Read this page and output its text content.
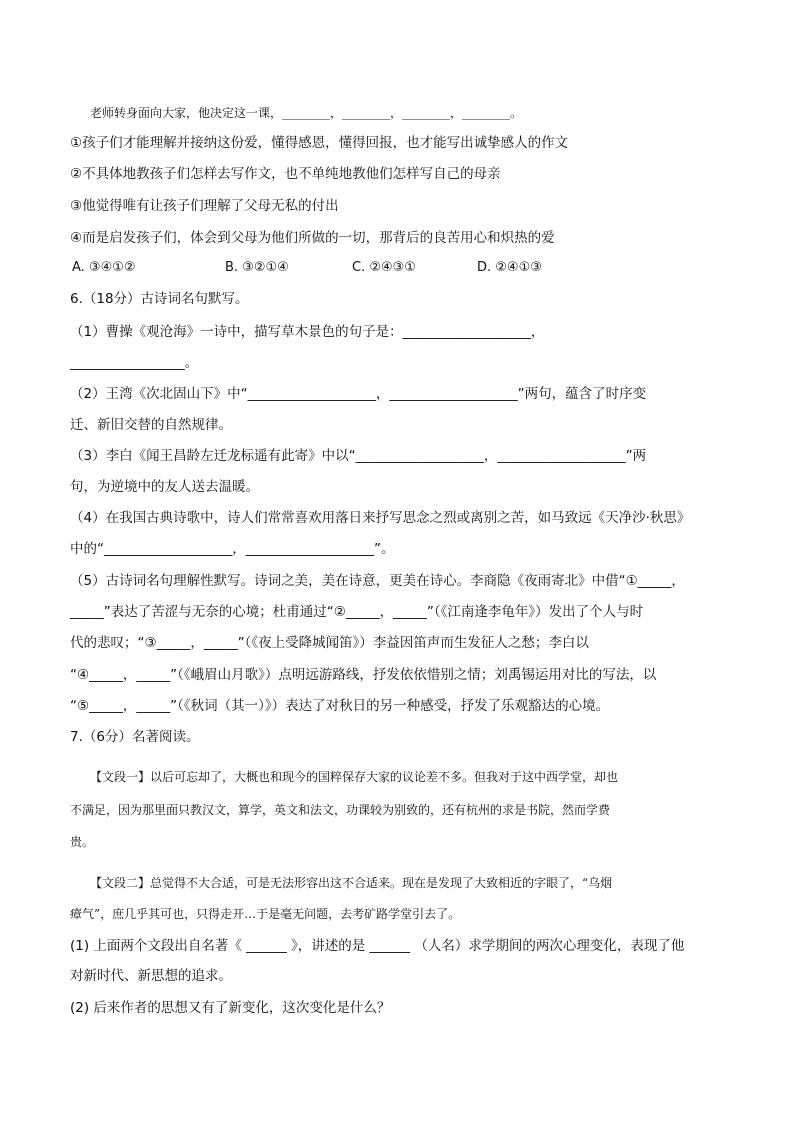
老师转身面向大家，他决定这一课，________，________，________，________。
①孩子们才能理解并接纳这份爱，懂得感恩，懂得回报，也才能写出诚挚感人的作文
②不具体地教孩子们怎样去写作文，也不单纯地教他们怎样写自己的母亲
③他觉得唯有让孩子们理解了父母无私的付出
④而是启发孩子们，体会到父母为他们所做的一切，那背后的良苦用心和炽热的爱
A. ③④①②	B. ③②①④	C. ②④③①	D. ②④①③
6.（18分）古诗词名句默写。
（1）曹操《观沧海》一诗中，描写草木景色的句子是：___________________，
_________________。
（2）王湾《次北固山下》中“___________________，___________________”两句，蕴含了时序变
迁、新旧交替的自然规律。
（3）李白《闻王昌龄左迁龙标遥有此寄》中以“___________________，___________________”两
句，为逆境中的友人送去温暖。
（4）在我国古典诗歌中，诗人们常常喜欢用落日来抒写思念之烈或离别之苦，如马致远《天净沙·秋思》
中的“___________________，___________________”。
（5）古诗词名句理解性默写。诗词之美，美在诗意，更美在诗心。李商隐《夜雨寄北》中借“①_____，
_____”表达了苦涩与无奈的心境；杜甫通过“②_____，_____”（《江南逢李龟年》）发出了个人与时
代的悲叹；“③_____，_____”（《夜上受降城闻笛》）李益因笛声而生发征人之愁；李白以
“④_____，_____”（《峨眉山月歌》）点明远游路线，抒发依依惜别之情；刘禹锡运用对比的写法，以
“⑤_____，_____”（《秋词（其一）》）表达了对秋日的另一种感受，抒发了乐观豁达的心境。
7.（6分）名著阅读。
【文段一】以后可忘却了，大概也和现今的国粹保存大家的议论差不多。但我对于这中西学堂，却也
不满足，因为那里面只教汉文，算学，英文和法文，功课较为别致的，还有杭州的求是书院，然而学费
贵。
【文段二】总觉得不大合适，可是无法形容出这不合适来。现在是发现了大致相近的字眼了，“乌烟
瘴气”，庶几乎其可也，只得走开…于是毫无问题，去考矿路学堂引去了。
(1) 上面两个文段出自名著《 ______ 》，讲述的是 ______ （人名）求学期间的两次心理变化，表现了他
对新时代、新思想的追求。
(2) 后来作者的思想又有了新变化，这次变化是什么？
